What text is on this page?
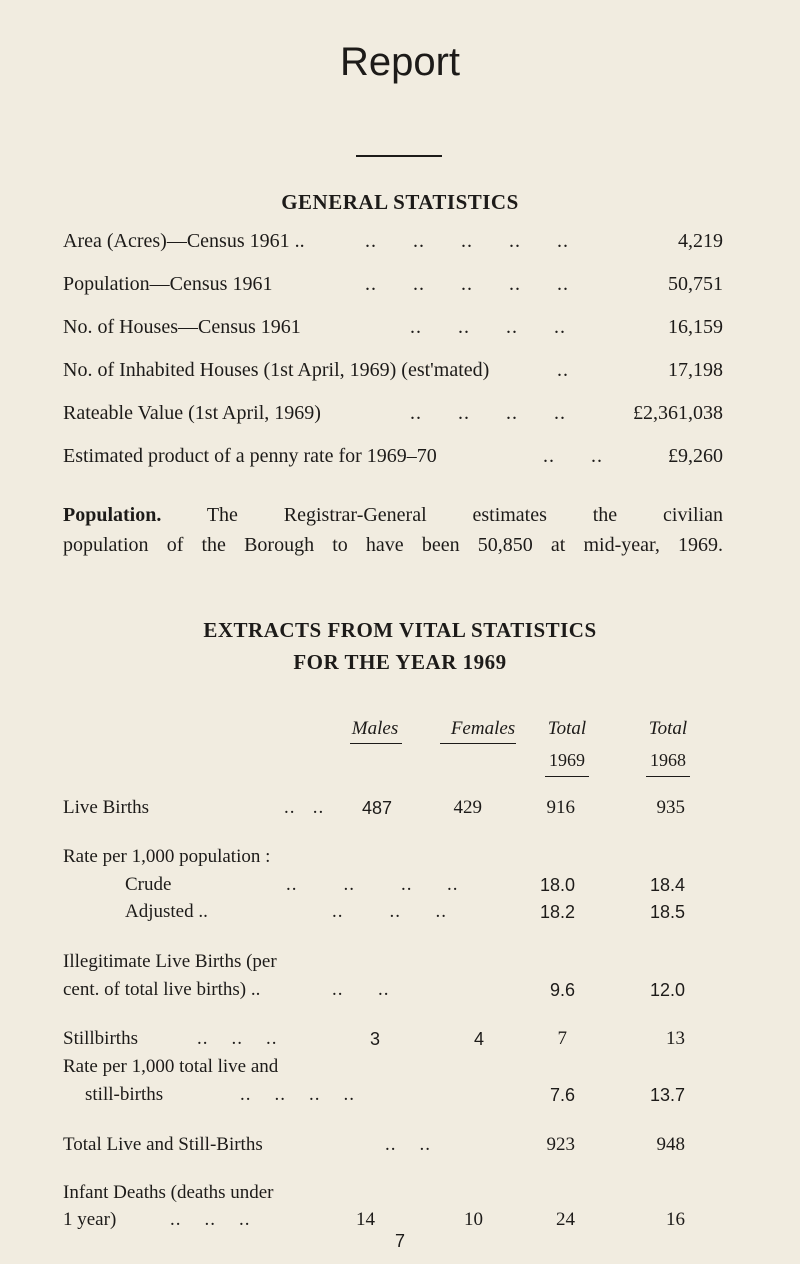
Report
GENERAL STATISTICS
Area (Acres)—Census 1961 ..	..      ..      ..      ..      ..	4,219
Population—Census 1961	..      ..      ..      ..      ..	50,751
No. of Houses—Census 1961	..      ..      ..      ..	16,159
No. of Inhabited Houses (1st April, 1969) (est'mated)	..	17,198
Rateable Value (1st April, 1969)	..      ..      ..      ..	£2,361,038
Estimated product of a penny rate for 1969–70	..      ..	£9,260
Population. The Registrar-General estimates the civilian
population of the Borough to have been 50,850 at mid-year, 1969.
EXTRACTS FROM VITAL STATISTICS
FOR THE YEAR 1969
Males	Females	Total	Total
1969	1968
Live Births	..   ..	487	429	916	935
Rate per 1,000 population :
Crude	..        ..        ..      ..	18.0	18.4
Adjusted ..	..        ..      ..	18.2	18.5
Illegitimate Live Births (per
cent. of total live births) ..	..      ..	9.6	12.0
Stillbirths	..    ..    ..	3	4	7	13
Rate per 1,000 total live and
still-births	..    ..    ..    ..	7.6	13.7
Total Live and Still-Births	..    ..	923	948
Infant Deaths (deaths under
1 year)	..    ..    ..	14	10	24	16
7
